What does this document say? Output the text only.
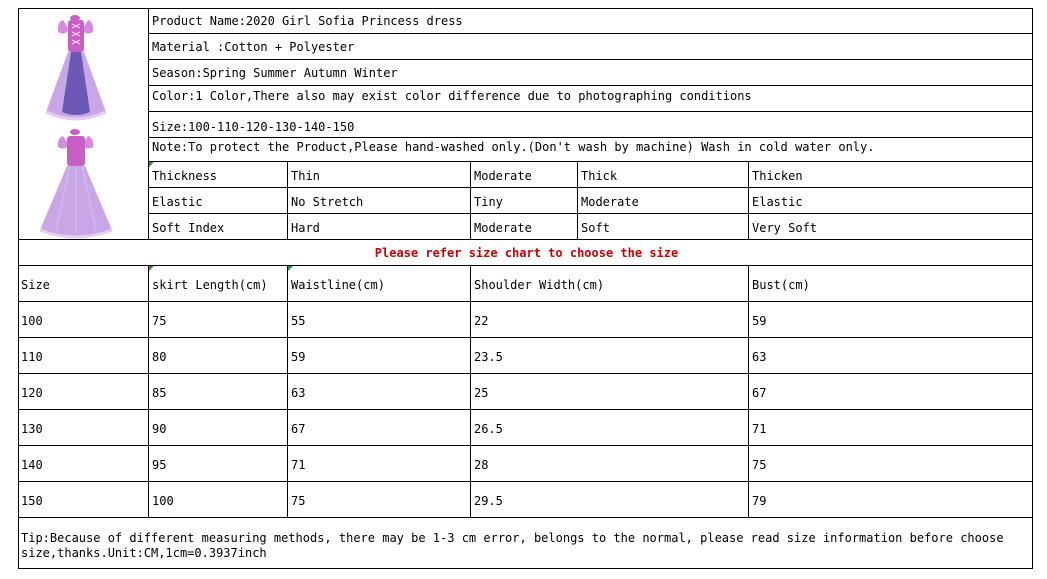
Product Name:2020 Girl Sofia Princess dress
Material :Cotton + Polyester
Season:Spring Summer Autumn Winter
Color:1 Color,There also may exist color difference due to photographing conditions
Size:100-110-120-130-140-150
Note:To protect the Product,Please hand-washed only.(Don't wash by machine) Wash in cold water only.
Thickness	Thin	Moderate	Thick	Thicken
Elastic	No Stretch	Tiny	Moderate	Elastic
Soft Index	Hard	Moderate	Soft	Very Soft
Please refer size chart to choose the size
Size	skirt Length(cm)	Waistline(cm)	Shoulder Width(cm)	Bust(cm)
100	75	55	22	59
110	80	59	23.5	63
120	85	63	25	67
130	90	67	26.5	71
140	95	71	28	75
150	100	75	29.5	79
Tip:Because of different measuring methods, there may be 1-3 cm error, belongs to the normal, please read size information before choose size,thanks.Unit:CM,1cm=0.3937inch
